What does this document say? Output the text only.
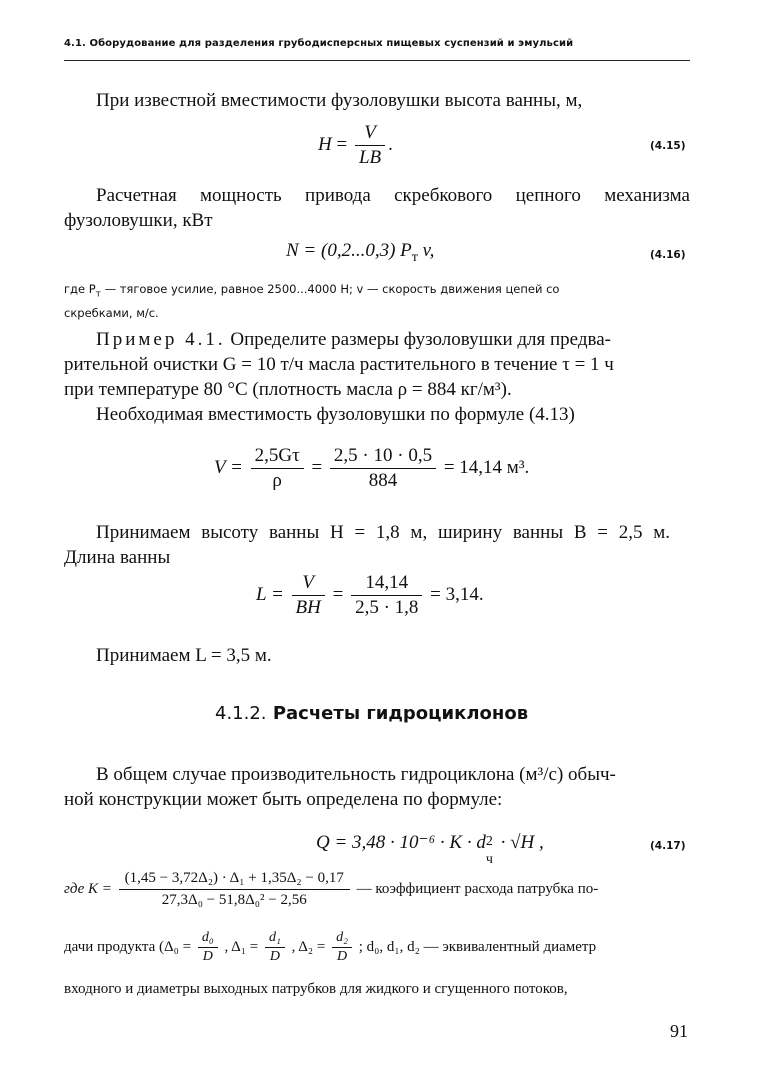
4.1. Оборудование для разделения грубодисперсных пищевых суспензий и эмульсий
При известной вместимости фузоловушки высота ванны, м,
$H = \frac{V}{LB}$ .	(4.15)
Расчетная мощность привода скребкового цепного механизма фузоловушки, кВт
N = (0,2...0,3) $P_т$ v,	(4.16)
где $P_т$ — тяговое усилие, равное 2500...4000 Н; v — скорость движения цепей со
скребками, м/с.
Пример 4.1. Определите размеры фузоловушки для предва-
рительной очистки G = 10 т/ч масла растительного в течение τ = 1 ч
при температуре 80 °С (плотность масла ρ = 884 кг/м³).
Необходимая вместимость фузоловушки по формуле (4.13)
$V = \frac{2,5G\tau}{\rho} = \frac{2,5 \cdot 10 \cdot 0,5}{884} = 14,14$ м³.
Принимаем высоту ванны H = 1,8 м, ширину ванны B = 2,5 м.
Длина ванны
$L = \frac{V}{BH} = \frac{14,14}{2,5 \cdot 1,8} = 3,14$.
Принимаем L = 3,5 м.
4.1.2. Расчеты гидроциклонов
В общем случае производительность гидроциклона (м³/с) обыч-
ной конструкции может быть определена по формуле:
Q = 3,48 · 10⁻⁶ · K · d 2
ч
· √H ,	(4.17)
где $K = \frac{\text{(1,45 − 3,72Δ₂) · Δ₁ + 1,35Δ₂ − 0,17}}{\text{27,3Δ₀ − 51,8Δ₀² − 2,56}}$ — коэффициент расхода патрубка по-
дачи продукта ($\Delta_0 = \frac{\text{d₀}}{D}$ , $\Delta_1 = \frac{\text{d₁}}{D}$ , $\Delta_2 = \frac{\text{d₂}}{D}$ ; d₀, d₁, d₂ — эквивалентный диаметр
входного и диаметры выходных патрубков для жидкого и сгущенного потоков,
91
